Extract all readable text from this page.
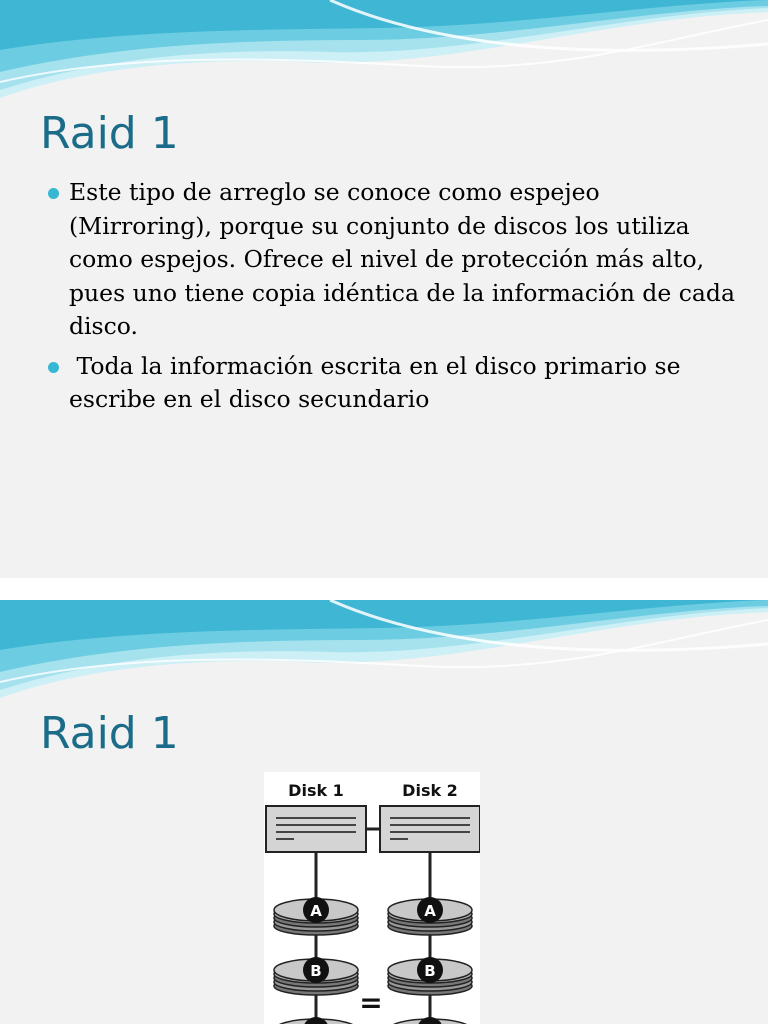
Raid 1
Este tipo de arreglo se conoce como espejeo (Mirroring), porque su conjunto de discos los utiliza como espejos. Ofrece el nivel de protección más alto, pues uno tiene copia idéntica de la información de cada disco.
Toda la información escrita en el disco primario se escribe en el disco secundario
Raid 1
Disk 1	Disk 2
A
B
A
B
=
